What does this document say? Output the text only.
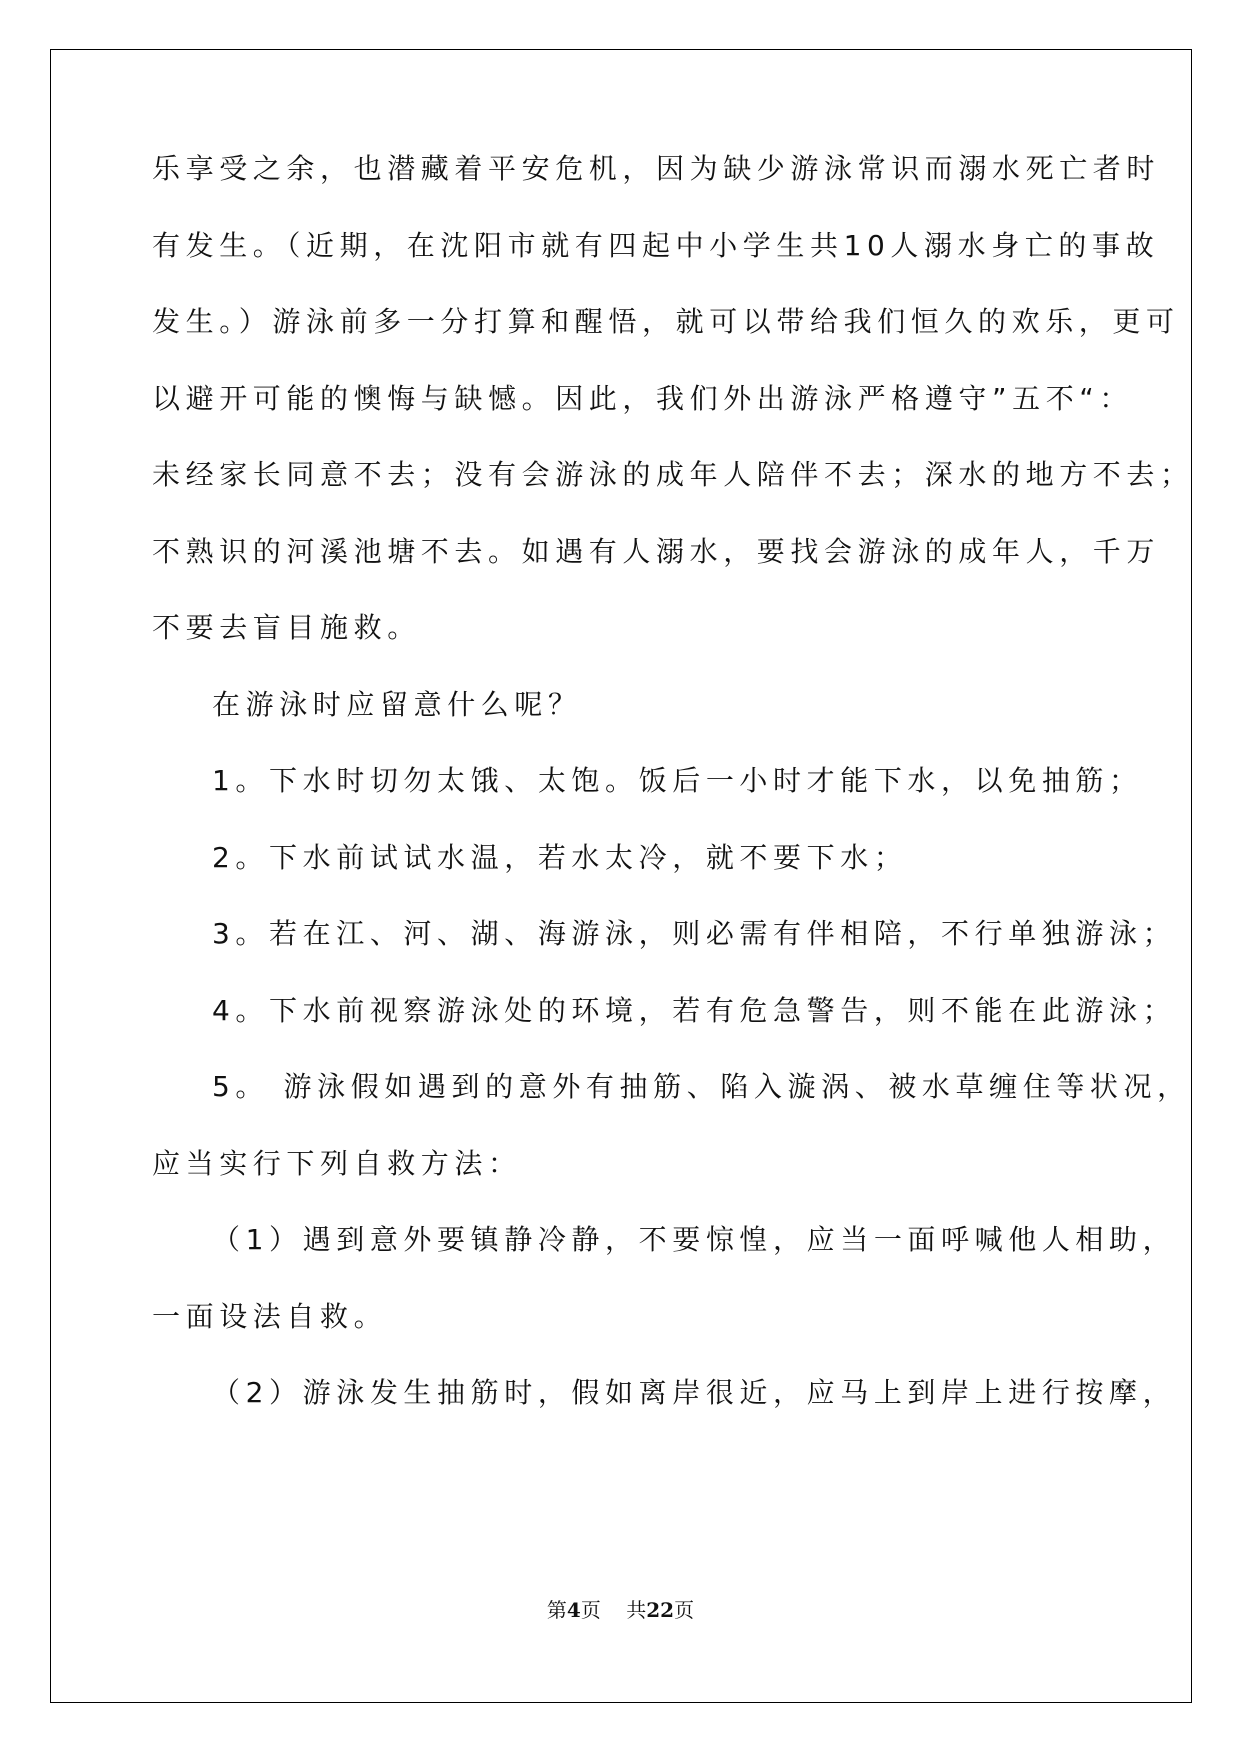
乐享受之余，也潜藏着平安危机，因为缺少游泳常识而溺水死亡者时

有发生。（近期，在沈阳市就有四起中小学生共10人溺水身亡的事故

发生。）游泳前多一分打算和醒悟，就可以带给我们恒久的欢乐，更可

以避开可能的懊悔与缺憾。因此，我们外出游泳严格遵守”五不“：

未经家长同意不去；没有会游泳的成年人陪伴不去；深水的地方不去；

不熟识的河溪池塘不去。如遇有人溺水，要找会游泳的成年人，千万

不要去盲目施救。

在游泳时应留意什么呢？

1。下水时切勿太饿、太饱。饭后一小时才能下水，以免抽筋；

2。下水前试试水温，若水太冷，就不要下水；

3。若在江、河、湖、海游泳，则必需有伴相陪，不行单独游泳；

4。下水前视察游泳处的环境，若有危急警告，则不能在此游泳；

5。 游泳假如遇到的意外有抽筋、陷入漩涡、被水草缠住等状况，

应当实行下列自救方法：

（1）遇到意外要镇静冷静，不要惊惶，应当一面呼喊他人相助，

一面设法自救。

（2）游泳发生抽筋时，假如离岸很近，应马上到岸上进行按摩，

第4页 共22页
